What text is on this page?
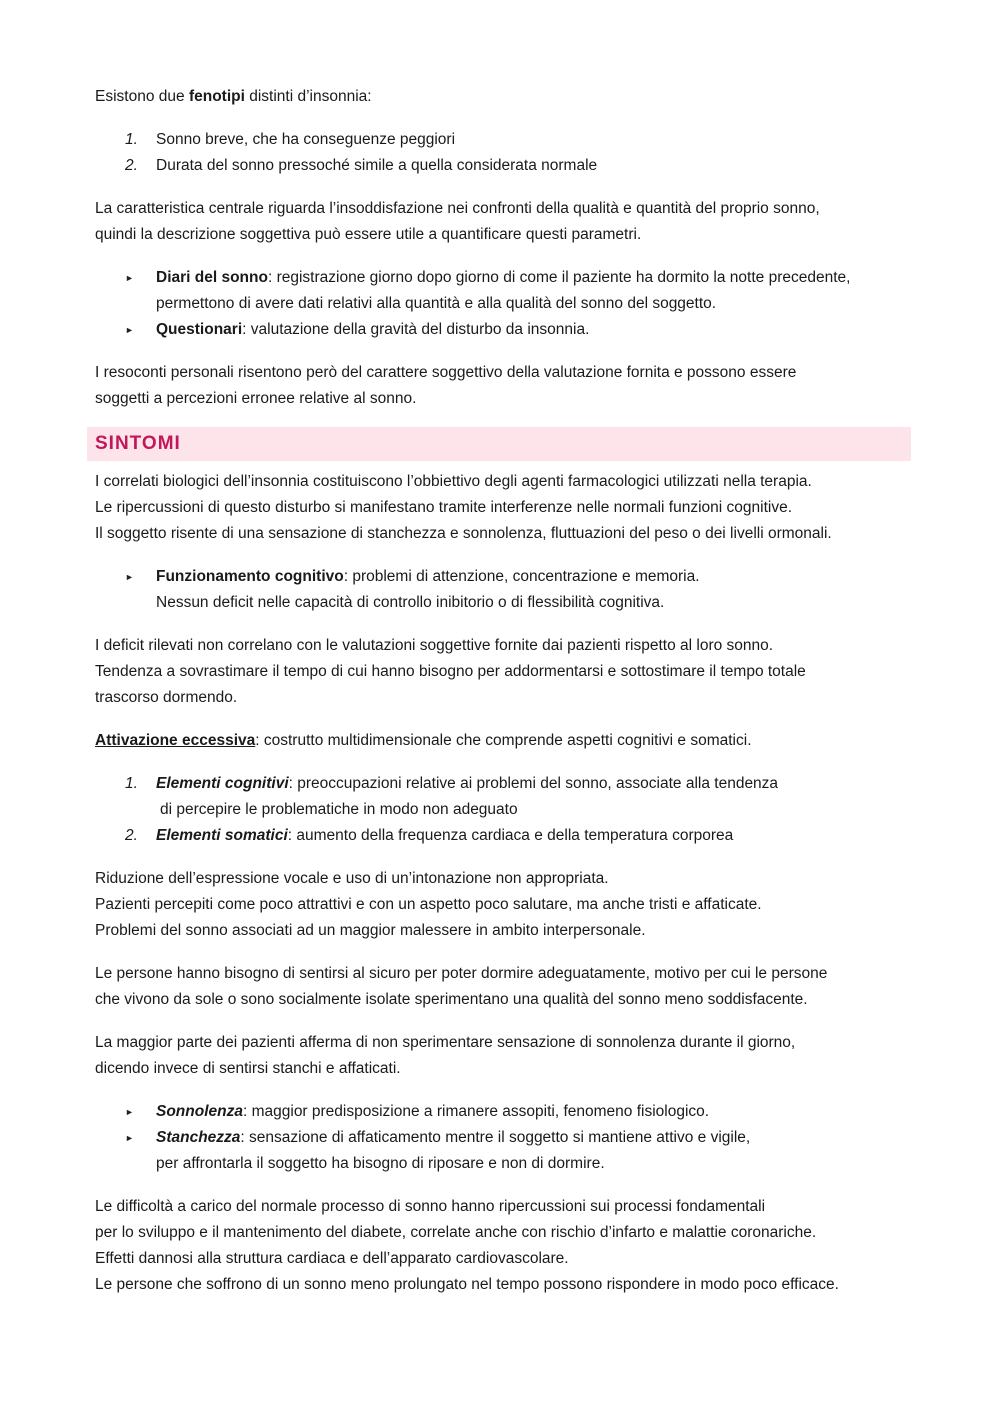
Esistono due fenotipi distinti d’insonnia:

1. Sonno breve, che ha conseguenze peggiori
2. Durata del sonno pressoché simile a quella considerata normale

La caratteristica centrale riguarda l’insoddisfazione nei confronti della qualità e quantità del proprio sonno,
quindi la descrizione soggettiva può essere utile a quantificare questi parametri.

► Diari del sonno: registrazione giorno dopo giorno di come il paziente ha dormito la notte precedente,
permettono di avere dati relativi alla quantità e alla qualità del sonno del soggetto.
► Questionari: valutazione della gravità del disturbo da insonnia.

I resoconti personali risentono però del carattere soggettivo della valutazione fornita e possono essere
soggetti a percezioni erronee relative al sonno.

SINTOMI

I correlati biologici dell’insonnia costituiscono l’obbiettivo degli agenti farmacologici utilizzati nella terapia.
Le ripercussioni di questo disturbo si manifestano tramite interferenze nelle normali funzioni cognitive.
Il soggetto risente di una sensazione di stanchezza e sonnolenza, fluttuazioni del peso o dei livelli ormonali.

► Funzionamento cognitivo: problemi di attenzione, concentrazione e memoria.
Nessun deficit nelle capacità di controllo inibitorio o di flessibilità cognitiva.

I deficit rilevati non correlano con le valutazioni soggettive fornite dai pazienti rispetto al loro sonno.
Tendenza a sovrastimare il tempo di cui hanno bisogno per addormentarsi e sottostimare il tempo totale
trascorso dormendo.

Attivazione eccessiva: costrutto multidimensionale che comprende aspetti cognitivi e somatici.

1. Elementi cognitivi: preoccupazioni relative ai problemi del sonno, associate alla tendenza
di percepire le problematiche in modo non adeguato
2. Elementi somatici: aumento della frequenza cardiaca e della temperatura corporea

Riduzione dell’espressione vocale e uso di un’intonazione non appropriata.
Pazienti percepiti come poco attrattivi e con un aspetto poco salutare, ma anche tristi e affaticate.
Problemi del sonno associati ad un maggior malessere in ambito interpersonale.

Le persone hanno bisogno di sentirsi al sicuro per poter dormire adeguatamente, motivo per cui le persone
che vivono da sole o sono socialmente isolate sperimentano una qualità del sonno meno soddisfacente.

La maggior parte dei pazienti afferma di non sperimentare sensazione di sonnolenza durante il giorno,
dicendo invece di sentirsi stanchi e affaticati.

► Sonnolenza: maggior predisposizione a rimanere assopiti, fenomeno fisiologico.
► Stanchezza: sensazione di affaticamento mentre il soggetto si mantiene attivo e vigile,
per affrontarla il soggetto ha bisogno di riposare e non di dormire.

Le difficoltà a carico del normale processo di sonno hanno ripercussioni sui processi fondamentali
per lo sviluppo e il mantenimento del diabete, correlate anche con rischio d’infarto e malattie coronariche.
Effetti dannosi alla struttura cardiaca e dell’apparato cardiovascolare.
Le persone che soffrono di un sonno meno prolungato nel tempo possono rispondere in modo poco efficace.
